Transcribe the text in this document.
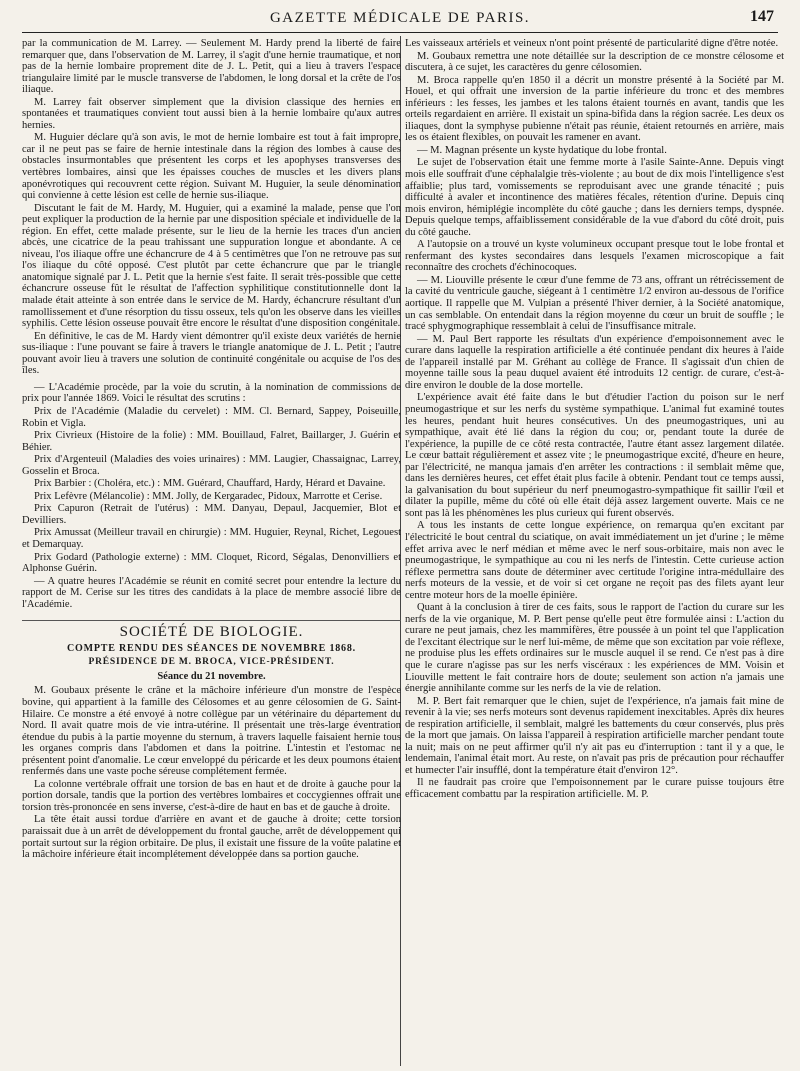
GAZETTE MÉDICALE DE PARIS.	147

par la communication de M. Larrey. — Seulement M. Hardy prend la liberté de faire remarquer que, dans l'observation de M. Larrey, il s'agit d'une hernie traumatique, et non pas de la hernie lombaire proprement dite de J. L. Petit, qui a lieu à travers l'espace triangulaire limité par le muscle transverse de l'abdomen, le long dorsal et la crête de l'os iliaque.

M. Larrey fait observer simplement que la division classique des hernies en spontanées et traumatiques convient tout aussi bien à la hernie lombaire qu'aux autres hernies.

M. Huguier déclare qu'à son avis, le mot de hernie lombaire est tout à fait impropre, car il ne peut pas se faire de hernie intestinale dans la région des lombes à cause des obstacles insurmontables que présentent les corps et les apophyses transverses des vertèbres lombaires, ainsi que les épaisses couches de muscles et les divers plans aponévrotiques qui recouvrent cette région. Suivant M. Huguier, la seule dénomination qui convienne à cette lésion est celle de hernie sus-iliaque.

Discutant le fait de M. Hardy, M. Huguier, qui a examiné la malade, pense que l'on peut expliquer la production de la hernie par une disposition spéciale et individuelle de la région. En effet, cette malade présente, sur le lieu de la hernie les traces d'un ancien abcès, une cicatrice de la peau trahissant une suppuration longue et abondante. A ce niveau, l'os iliaque offre une échancrure de 4 à 5 centimètres que l'on ne retrouve pas sur l'os iliaque du côté opposé. C'est plutôt par cette échancrure que par le triangle anatomique signalé par J. L. Petit que la hernie s'est faite. Il serait très-possible que cette échancrure osseuse fût le résultat de l'affection syphilitique constitutionnelle dont la malade était atteinte à son entrée dans le service de M. Hardy, échancrure résultant d'un ramollissement et d'une résorption du tissu osseux, tels qu'on les observe dans les vieilles syphilis. Cette lésion osseuse pouvait être encore le résultat d'une disposition congénitale.

En définitive, le cas de M. Hardy vient démontrer qu'il existe deux variétés de hernie sus-iliaque : l'une pouvant se faire à travers le triangle anatomique de J. L. Petit ; l'autre pouvant avoir lieu à travers une solution de continuité congénitale ou acquise de l'os des îles.

— L'Académie procède, par la voie du scrutin, à la nomination de commissions de prix pour l'année 1869. Voici le résultat des scrutins :

Prix de l'Académie (Maladie du cervelet) : MM. Cl. Bernard, Sappey, Poiseuille, Robin et Vigla.

Prix Civrieux (Histoire de la folie) : MM. Bouillaud, Falret, Baillarger, J. Guérin et Béhier.

Prix d'Argenteuil (Maladies des voies urinaires) : MM. Laugier, Chassaignac, Larrey, Gosselin et Broca.

Prix Barbier : (Choléra, etc.) : MM. Guérard, Chauffard, Hardy, Hérard et Davaine.

Prix Lefèvre (Mélancolie) : MM. Jolly, de Kergaradec, Pidoux, Marrotte et Cerise.

Prix Capuron (Retrait de l'utérus) : MM. Danyau, Depaul, Jacquemier, Blot et Devilliers.

Prix Amussat (Meilleur travail en chirurgie) : MM. Huguier, Reynal, Richet, Legouest et Demarquay.

Prix Godard (Pathologie externe) : MM. Cloquet, Ricord, Ségalas, Denonvilliers et Alphonse Guérin.

— A quatre heures l'Académie se réunit en comité secret pour entendre la lecture du rapport de M. Cerise sur les titres des candidats à la place de membre associé libre de l'Académie.

SOCIÉTÉ DE BIOLOGIE.
COMPTE RENDU DES SÉANCES DE NOVEMBRE 1868.
PRÉSIDENCE DE M. BROCA, VICE-PRÉSIDENT.
Séance du 21 novembre.

M. Goubaux présente le crâne et la mâchoire inférieure d'un monstre de l'espèce bovine, qui appartient à la famille des Célosomes et au genre célosomien de G. Saint-Hilaire. Ce monstre a été envoyé à notre collègue par un vétérinaire du département du Nord. Il avait quatre mois de vie intra-utérine. Il présentait une très-large éventration étendue du pubis à la partie moyenne du sternum, à travers laquelle faisaient hernie tous les organes compris dans l'abdomen et dans la poitrine. L'intestin et l'estomac ne présentent point d'anomalie. Le cœur enveloppé du péricarde et les deux poumons étaient renfermés dans une vaste poche séreuse complétement fermée.

La colonne vertébrale offrait une torsion de bas en haut et de droite à gauche pour la portion dorsale, tandis que la portion des vertèbres lombaires et coccygiennes offrait une torsion très-prononcée en sens inverse, c'est-à-dire de haut en bas et de gauche à droite.

La tête était aussi tordue d'arrière en avant et de gauche à droite; cette torsion paraissait due à un arrêt de développement du frontal gauche, arrêt de développement qui portait surtout sur la région orbitaire. De plus, il existait une fissure de la voûte palatine et la mâchoire inférieure était incomplétement développée dans sa portion gauche.

Les vaisseaux artériels et veineux n'ont point présenté de particularité digne d'être notée.

M. Goubaux remettra une note détaillée sur la description de ce monstre célosome et discutera, à ce sujet, les caractères du genre célosomien.

M. Broca rappelle qu'en 1850 il a décrit un monstre présenté à la Société par M. Houel, et qui offrait une inversion de la partie inférieure du tronc et des membres inférieurs : les fesses, les jambes et les talons étaient tournés en avant, tandis que les orteils regardaient en arrière. Il existait un spina-bifida dans la région sacrée. Les deux os iliaques, dont la symphyse pubienne n'était pas réunie, étaient retournés en arrière, mais les os étaient flexibles, on pouvait les ramener en avant.

— M. Magnan présente un kyste hydatique du lobe frontal.

Le sujet de l'observation était une femme morte à l'asile Sainte-Anne. Depuis vingt mois elle souffrait d'une céphalalgie très-violente ; au bout de dix mois l'intelligence s'est affaiblie; plus tard, vomissements se reproduisant avec une grande ténacité ; puis difficulté à avaler et incontinence des matières fécales, rétention d'urine. Depuis cinq mois environ, hémiplégie incomplète du côté gauche ; dans les derniers temps, dyspnée. Depuis quelque temps, affaiblissement considérable de la vue d'abord du côté droit, puis du côté gauche.

A l'autopsie on a trouvé un kyste volumineux occupant presque tout le lobe frontal et renfermant des kystes secondaires dans lesquels l'examen microscopique a fait reconnaître des crochets d'échinocoques.

— M. Liouville présente le cœur d'une femme de 73 ans, offrant un rétrécissement de la cavité du ventricule gauche, siégeant à 1 centimètre 1/2 environ au-dessous de l'orifice aortique. Il rappelle que M. Vulpian a présenté l'hiver dernier, à la Société anatomique, un cas semblable. On entendait dans la région moyenne du cœur un bruit de souffle ; le tracé sphygmographique ressemblait à celui de l'insuffisance mitrale.

— M. Paul Bert rapporte les résultats d'un expérience d'empoisonnement avec le curare dans laquelle la respiration artificielle a été continuée pendant dix heures à l'aide de l'appareil installé par M. Gréhant au collège de France. Il s'agissait d'un chien de moyenne taille sous la peau duquel avaient été introduits 12 centigr. de curare, c'est-à-dire environ le double de la dose mortelle.

L'expérience avait été faite dans le but d'étudier l'action du poison sur le nerf pneumogastrique et sur les nerfs du système sympathique. L'animal fut examiné toutes les heures, pendant huit heures consécutives. Un des pneumogastriques, uni au sympathique, avait été lié dans la région du cou; or, pendant toute la durée de l'expérience, la pupille de ce côté resta contractée, l'autre étant assez largement dilatée. Le cœur battait régulièrement et assez vite ; le pneumogastrique excité, d'heure en heure, par l'électricité, ne manqua jamais d'en arrêter les contractions : il semblait même que, dans les dernières heures, cet effet était plus facile à obtenir. Pendant tout ce temps aussi, la galvanisation du bout supérieur du nerf pneumogastro-sympathique fit saillir l'œil et dilater la pupille, même du côté où elle était déjà assez largement ouverte. Mais ce ne sont pas là les phénomènes les plus curieux qui furent observés.

A tous les instants de cette longue expérience, on remarqua qu'en excitant par l'électricité le bout central du sciatique, on avait immédiatement un jet d'urine ; le même effet arriva avec le nerf médian et même avec le nerf sous-orbitaire, mais non avec le pneumogastrique, le sympathique au cou ni les nerfs de l'intestin. Cette curieuse action réflexe permettra sans doute de déterminer avec certitude l'origine intra-médullaire des nerfs moteurs de la vessie, et de voir si cet organe ne reçoit pas des filets ayant leur centre moteur hors de la moelle épinière.

Quant à la conclusion à tirer de ces faits, sous le rapport de l'action du curare sur les nerfs de la vie organique, M. P. Bert pense qu'elle peut être formulée ainsi : L'action du curare ne peut jamais, chez les mammifères, être poussée à un point tel que l'application de l'excitant électrique sur le nerf lui-même, de même que son excitation par voie réflexe, ne produise plus les effets ordinaires sur le muscle auquel il se rend. Ce n'est pas à dire que le curare n'agisse pas sur les nerfs viscéraux : les expériences de MM. Voisin et Liouville mettent le fait contraire hors de doute; seulement son action n'a jamais une énergie annihilante comme sur les nerfs de la vie de relation.

M. P. Bert fait remarquer que le chien, sujet de l'expérience, n'a jamais fait mine de revenir à la vie; ses nerfs moteurs sont devenus rapidement inexcitables. Après dix heures de respiration artificielle, il semblait, malgré les battements du cœur conservés, plus près de la mort que jamais. On laissa l'appareil à respiration artificielle marcher pendant toute la nuit; mais on ne peut affirmer qu'il n'y ait pas eu d'interruption : tant il y a que, le lendemain, l'animal était mort. Au reste, on n'avait pas pris de précaution pour réchauffer et humecter l'air insufflé, dont la température était d'environ 12°.

Il ne faudrait pas croire que l'empoisonnement par le curare puisse toujours être efficacement combattu par la respiration artificielle. M. P.
